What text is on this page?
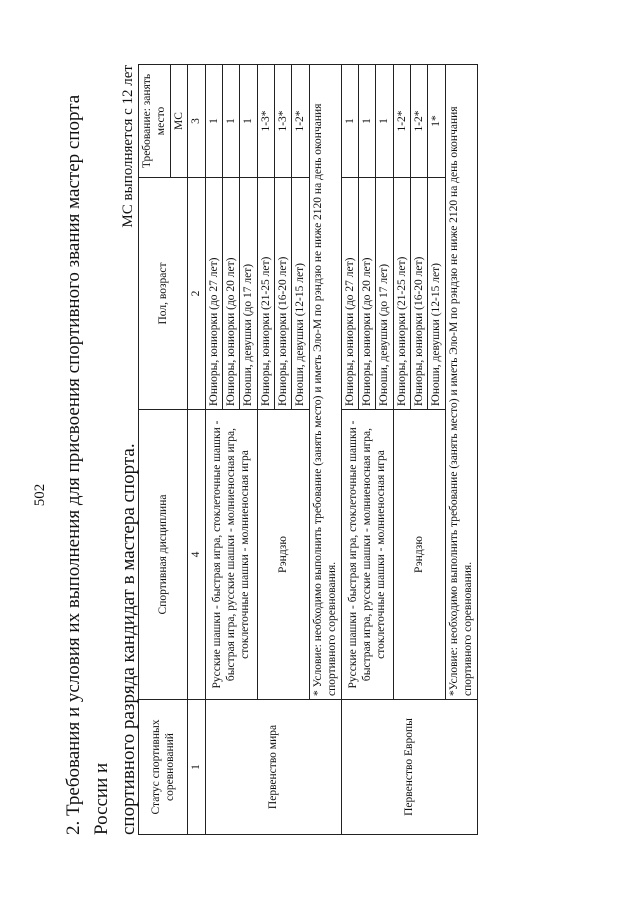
502 2. Требования и условия их выполнения для присвоения спортивного звания мастер спорта России и спортивного разряда кандидат в мастера спорта.

МС выполняется с 12 лет
Статус спортивных соревнований	Спортивная дисциплина	Пол, возраст	Требование: занять место
			МС
1	4	2	3
Первенство мира	Русские шашки - быстрая игра, стоклеточные шашки - быстрая игра, русские шашки - молниеносная игра, стоклеточные шашки - молниеносная игра	Юниоры, юниорки (до 27 лет)	1
		Юниоры, юниорки (до 20 лет)	1
		Юноши, девушки (до 17 лет)	1
	Рэндзю	Юниоры, юниорки (21-25 лет)	1-3*
		Юниоры, юниорки (16-20 лет)	1-3*
		Юноши, девушки (12-15 лет)	1-2*
	* Условие: необходимо выполнить требование (занять место) и иметь Эло-М по рэндзю не ниже 2120 на день окончания спортивного соревнования.		
Первенство Европы	Русские шашки - быстрая игра, стоклеточные шашки - быстрая игра, русские шашки - молниеносная игра, стоклеточные шашки - молниеносная игра	Юниоры, юниорки (до 27 лет)	1
		Юниоры, юниорки (до 20 лет)	1
		Юноши, девушки (до 17 лет)	1
	Рэндзю	Юниоры, юниорки (21-25 лет)	1-2*
		Юниоры, юниорки (16-20 лет)	1-2*
		Юноши, девушки (12-15 лет)	1*
	*Условие: необходимо выполнить требование (занять место) и иметь Эло-М по рэндзю не ниже 2120 на день окончания спортивного соревнования.		
